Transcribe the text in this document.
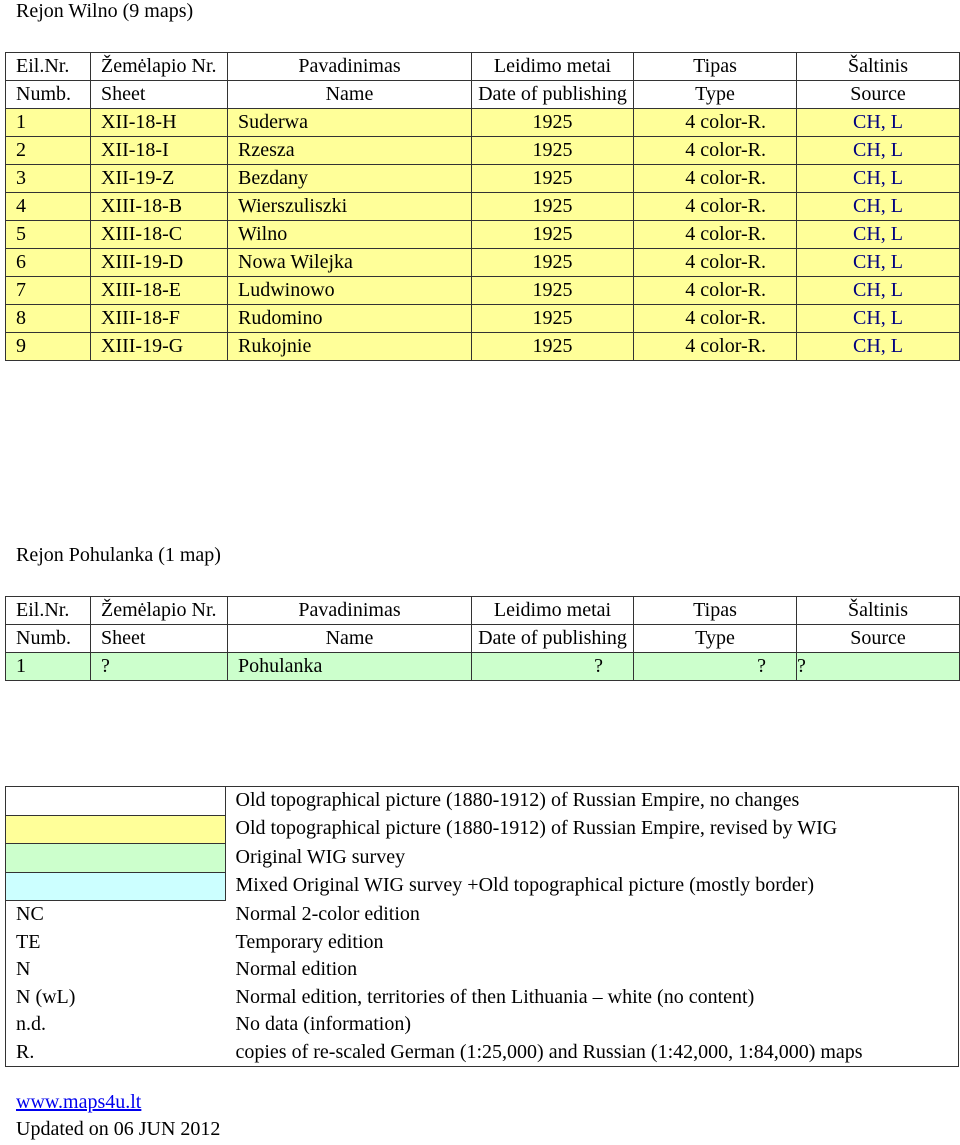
Rejon Wilno (9 maps)
Eil.Nr.	Žemėlapio Nr.	Pavadinimas	Leidimo metai	Tipas	Šaltinis
Numb.	Sheet	Name	Date of publishing	Type	Source
1	XII-18-H	Suderwa	1925	4 color-R.	CH, L
2	XII-18-I	Rzesza	1925	4 color-R.	CH, L
3	XII-19-Z	Bezdany	1925	4 color-R.	CH, L
4	XIII-18-B	Wierszuliszki	1925	4 color-R.	CH, L
5	XIII-18-C	Wilno	1925	4 color-R.	CH, L
6	XIII-19-D	Nowa Wilejka	1925	4 color-R.	CH, L
7	XIII-18-E	Ludwinowo	1925	4 color-R.	CH, L
8	XIII-18-F	Rudomino	1925	4 color-R.	CH, L
9	XIII-19-G	Rukojnie	1925	4 color-R.	CH, L
Rejon Pohulanka (1 map)
Eil.Nr.	Žemėlapio Nr.	Pavadinimas	Leidimo metai	Tipas	Šaltinis
Numb.	Sheet	Name	Date of publishing	Type	Source
1	?	Pohulanka	?	?	?
		Old topographical picture (1880-1912) of Russian Empire, no changes
		Old topographical picture (1880-1912) of Russian Empire, revised by WIG
		Original WIG survey
		Mixed Original WIG survey +Old topographical picture (mostly border)
NC		Normal 2-color edition
TE		Temporary edition
N		Normal edition
N (wL)		Normal edition, territories of then Lithuania – white (no content)
n.d.		No data (information)
R.		copies of re-scaled German (1:25,000) and Russian (1:42,000, 1:84,000) maps
www.maps4u.lt
Updated on 06 JUN 2012
